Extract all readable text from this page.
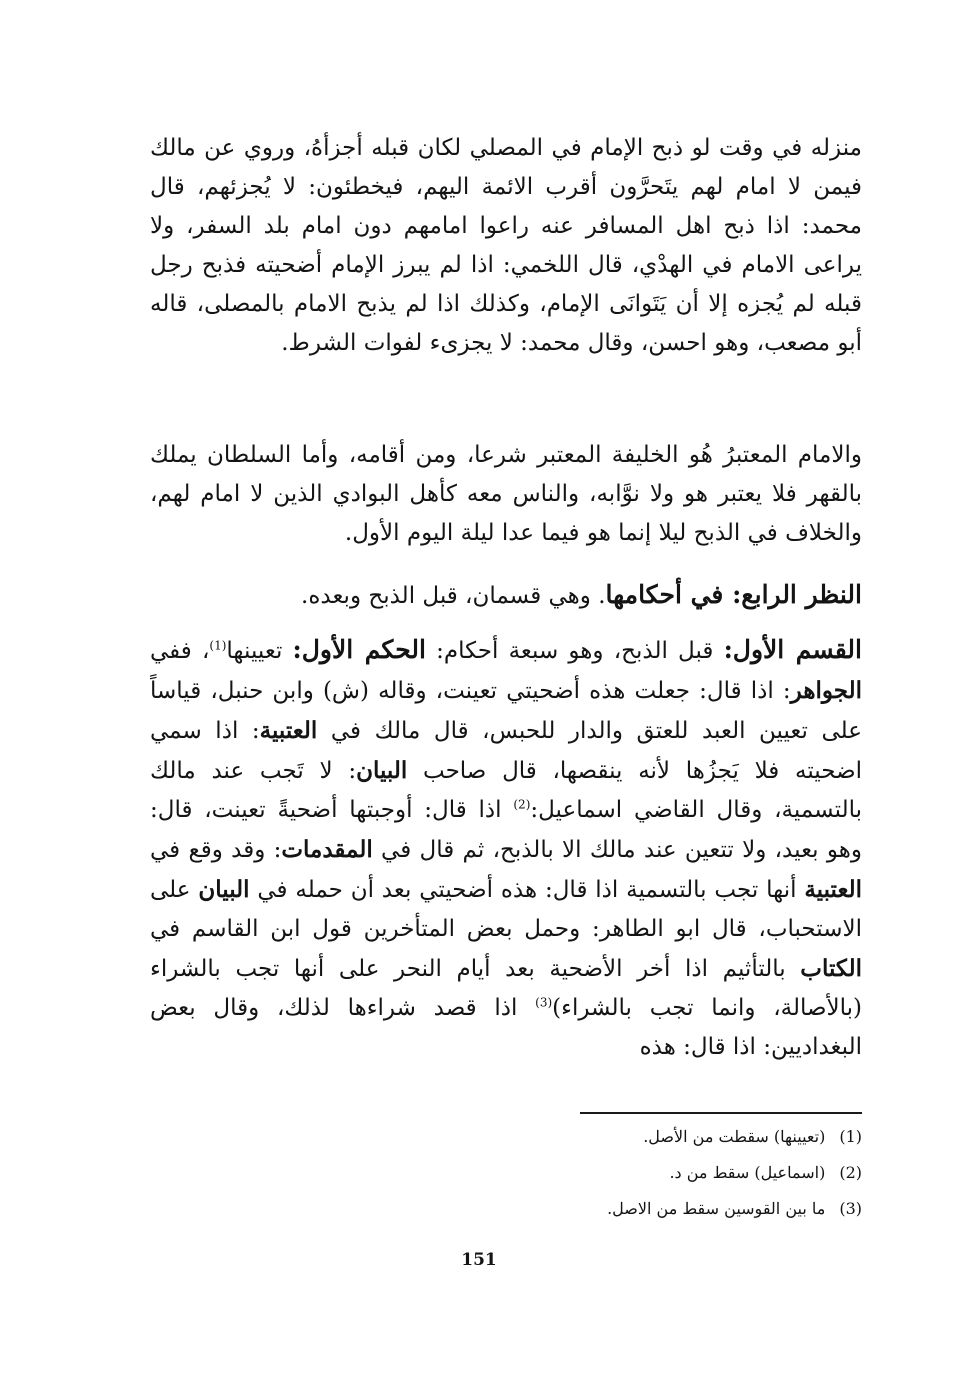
منزله في وقت لو ذبح الإمام في المصلي لكان قبله أجزأهُ، وروي عن مالك فيمن لا امام لهم يتَحرَّون أقرب الائمة اليهم، فيخطئون: لا يُجزئهم، قال محمد: اذا ذبح اهل المسافر عنه راعوا امامهم دون امام بلد السفر، ولا يراعى الامام في الهدْي، قال اللخمي: اذا لم يبرز الإمام أضحيته فذبح رجل قبله لم يُجزه إلا أن يَتَوانَى الإمام، وكذلك اذا لم يذبح الامام بالمصلى، قاله أبو مصعب، وهو احسن، وقال محمد: لا يجزىء لفوات الشرط.

والامام المعتبرُ هُو الخليفة المعتبر شرعا، ومن أقامه، وأما السلطان يملك بالقهر فلا يعتبر هو ولا نوَّابه، والناس معه كأهل البوادي الذين لا امام لهم، والخلاف في الذبح ليلا إنما هو فيما عدا ليلة اليوم الأول.

النظر الرابع: في أحكامها. وهي قسمان، قبل الذبح وبعده.

القسم الأول: قبل الذبح، وهو سبعة أحكام: الحكم الأول: تعيينها$^{(1)}$، ففي الجواهر: اذا قال: جعلت هذه أضحيتي تعينت، وقاله (ش) وابن حنبل، قياساً على تعيين العبد للعتق والدار للحبس، قال مالك في العتبية: اذا سمي اضحيته فلا يَجزُها لأنه ينقصها، قال صاحب البيان: لا تَجب عند مالك بالتسمية، وقال القاضي اسماعيل:$^{(2)}$ اذا قال: أوجبتها أضحيةً تعينت، قال: وهو بعيد، ولا تتعين عند مالك الا بالذبح، ثم قال في المقدمات: وقد وقع في العتبية أنها تجب بالتسمية اذا قال: هذه أضحيتي بعد أن حمله في البيان على الاستحباب، قال ابو الطاهر: وحمل بعض المتأخرين قول ابن القاسم في الكتاب بالتأثيم اذا أخر الأضحية بعد أيام النحر على أنها تجب بالشراء (بالأصالة، وانما تجب بالشراء)$^{(3)}$ اذا قصد شراءها لذلك، وقال بعض البغداديين: اذا قال: هذه

(1)(تعيينها) سقطت من الأصل.

(2)(اسماعيل) سقط من د.

(3)ما بين القوسين سقط من الاصل.

151
